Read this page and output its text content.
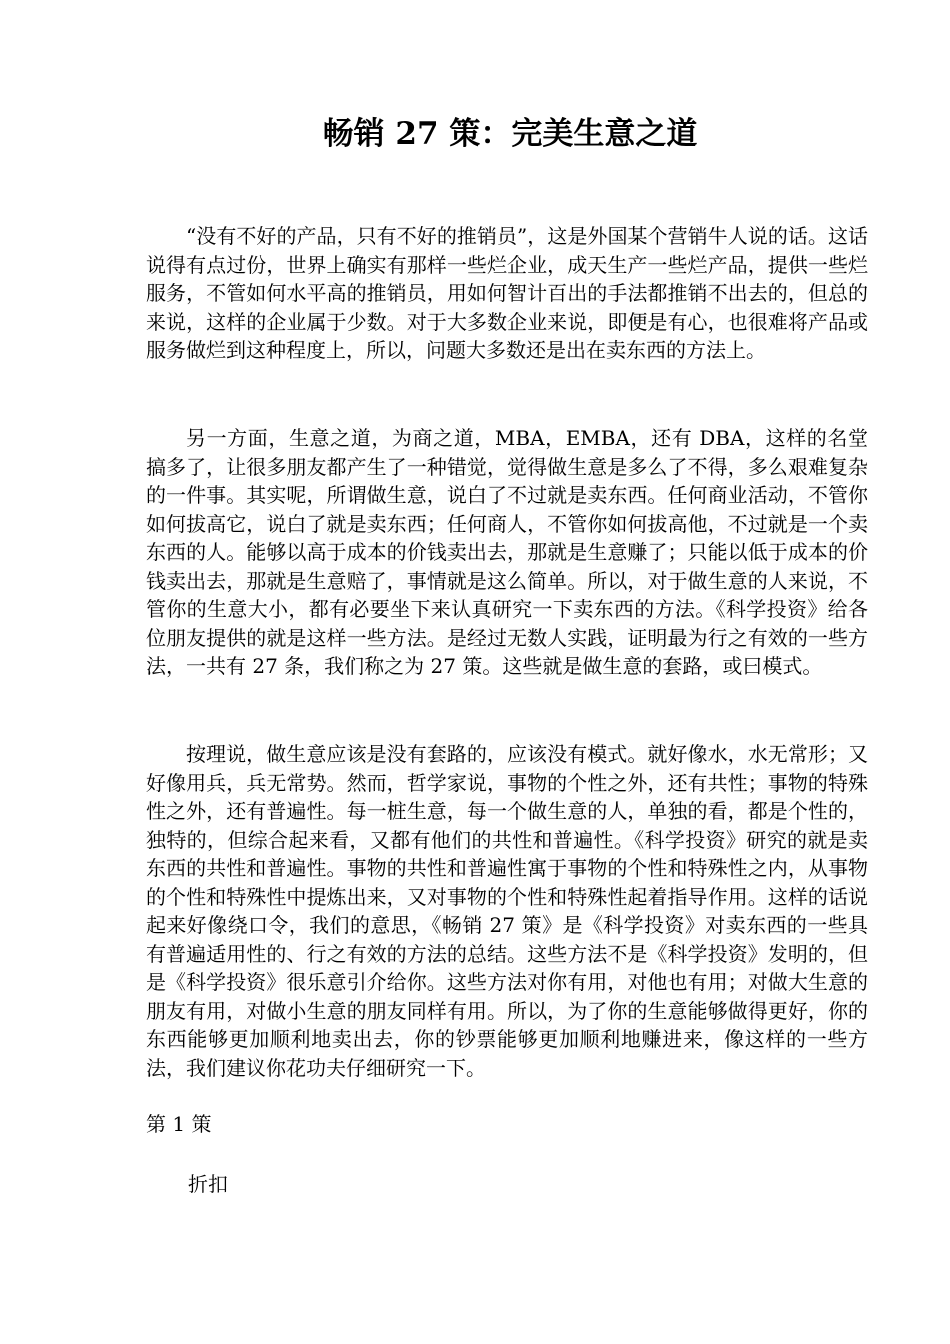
畅销 27 策：完美生意之道

“没有不好的产品，只有不好的推销员”，这是外国某个营销牛人说的话。这话说得有点过份，世界上确实有那样一些烂企业，成天生产一些烂产品，提供一些烂服务，不管如何水平高的推销员，用如何智计百出的手法都推销不出去的，但总的来说，这样的企业属于少数。对于大多数企业来说，即便是有心，也很难将产品或服务做烂到这种程度上，所以，问题大多数还是出在卖东西的方法上。

另一方面，生意之道，为商之道，MBA，EMBA，还有 DBA，这样的名堂搞多了，让很多朋友都产生了一种错觉，觉得做生意是多么了不得，多么艰难复杂的一件事。其实呢，所谓做生意，说白了不过就是卖东西。任何商业活动，不管你如何拔高它，说白了就是卖东西；任何商人，不管你如何拔高他，不过就是一个卖东西的人。能够以高于成本的价钱卖出去，那就是生意赚了；只能以低于成本的价钱卖出去，那就是生意赔了，事情就是这么简单。所以，对于做生意的人来说，不管你的生意大小，都有必要坐下来认真研究一下卖东西的方法。《科学投资》给各位朋友提供的就是这样一些方法。是经过无数人实践，证明最为行之有效的一些方法，一共有 27 条，我们称之为 27 策。这些就是做生意的套路，或曰模式。

按理说，做生意应该是没有套路的，应该没有模式。就好像水，水无常形；又好像用兵，兵无常势。然而，哲学家说，事物的个性之外，还有共性；事物的特殊性之外，还有普遍性。每一桩生意，每一个做生意的人，单独的看，都是个性的，独特的，但综合起来看，又都有他们的共性和普遍性。《科学投资》研究的就是卖东西的共性和普遍性。事物的共性和普遍性寓于事物的个性和特殊性之内，从事物的个性和特殊性中提炼出来，又对事物的个性和特殊性起着指导作用。这样的话说起来好像绕口令，我们的意思，《畅销 27 策》是《科学投资》对卖东西的一些具有普遍适用性的、行之有效的方法的总结。这些方法不是《科学投资》发明的，但是《科学投资》很乐意引介给你。这些方法对你有用，对他也有用；对做大生意的朋友有用，对做小生意的朋友同样有用。所以，为了你的生意能够做得更好，你的东西能够更加顺利地卖出去，你的钞票能够更加顺利地赚进来，像这样的一些方法，我们建议你花功夫仔细研究一下。

第 1 策

折扣
